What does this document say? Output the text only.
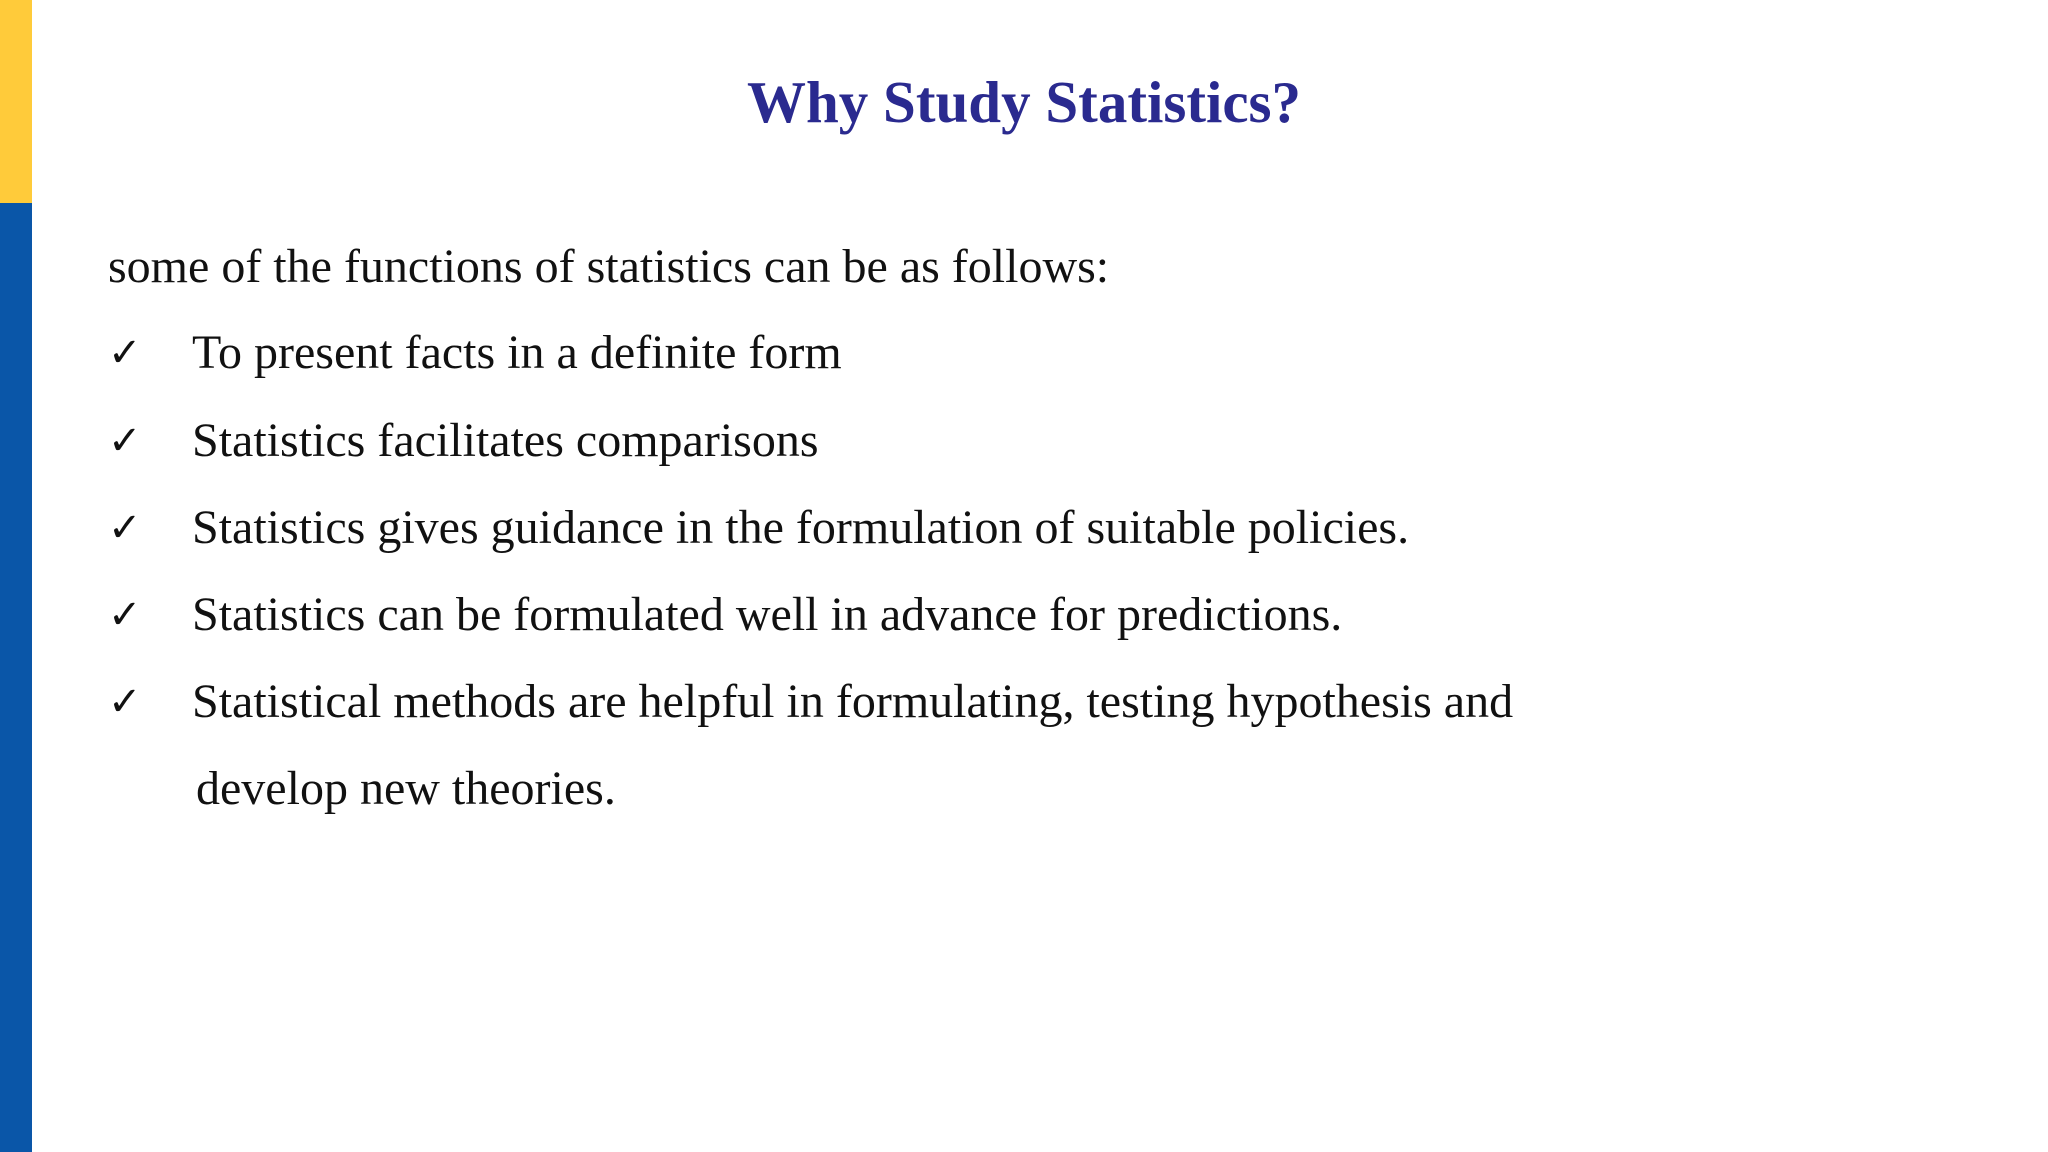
Why Study Statistics?

some of the functions of statistics can be as follows:

✓	To present facts in a definite form
✓	Statistics facilitates comparisons
✓	Statistics gives guidance in the formulation of suitable policies.
✓	Statistics can be formulated well in advance for predictions.
✓	Statistical methods are helpful in formulating, testing hypothesis and
develop new theories.
